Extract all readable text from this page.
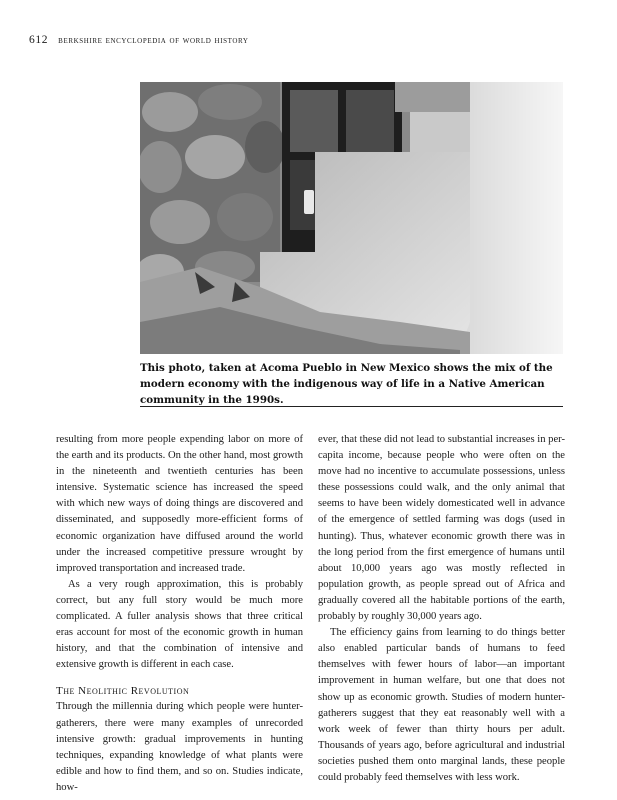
612 berkshire encyclopedia of world history
This photo, taken at Acoma Pueblo in New Mexico shows the mix of the modern economy with the indigenous way of life in a Native American community in the 1990s.

resulting from more people expending labor on more of the earth and its products. On the other hand, most growth in the nineteenth and twentieth centuries has been intensive. Systematic science has increased the speed with which new ways of doing things are discovered and disseminated, and supposedly more-efficient forms of economic organization have diffused around the world under the increased competitive pressure wrought by improved transportation and increased trade.

As a very rough approximation, this is probably correct, but any full story would be much more complicated. A fuller analysis shows that three critical eras account for most of the economic growth in human history, and that the combination of intensive and extensive growth is different in each case.

The Neolithic Revolution

Through the millennia during which people were hunter-gatherers, there were many examples of unrecorded intensive growth: gradual improvements in hunting techniques, expanding knowledge of what plants were edible and how to find them, and so on. Studies indicate, how-

ever, that these did not lead to substantial increases in per-capita income, because people who were often on the move had no incentive to accumulate possessions, unless these possessions could walk, and the only animal that seems to have been widely domesticated well in advance of the emergence of settled farming was dogs (used in hunting). Thus, whatever economic growth there was in the long period from the first emergence of humans until about 10,000 years ago was mostly reflected in population growth, as people spread out of Africa and gradually covered all the habitable portions of the earth, probably by roughly 30,000 years ago.

The efficiency gains from learning to do things better also enabled particular bands of humans to feed themselves with fewer hours of labor—an important improvement in human welfare, but one that does not show up as economic growth. Studies of modern hunter-gatherers suggest that they eat reasonably well with a work week of fewer than thirty hours per adult. Thousands of years ago, before agricultural and industrial societies pushed them onto marginal lands, these people could probably feed themselves with less work.
